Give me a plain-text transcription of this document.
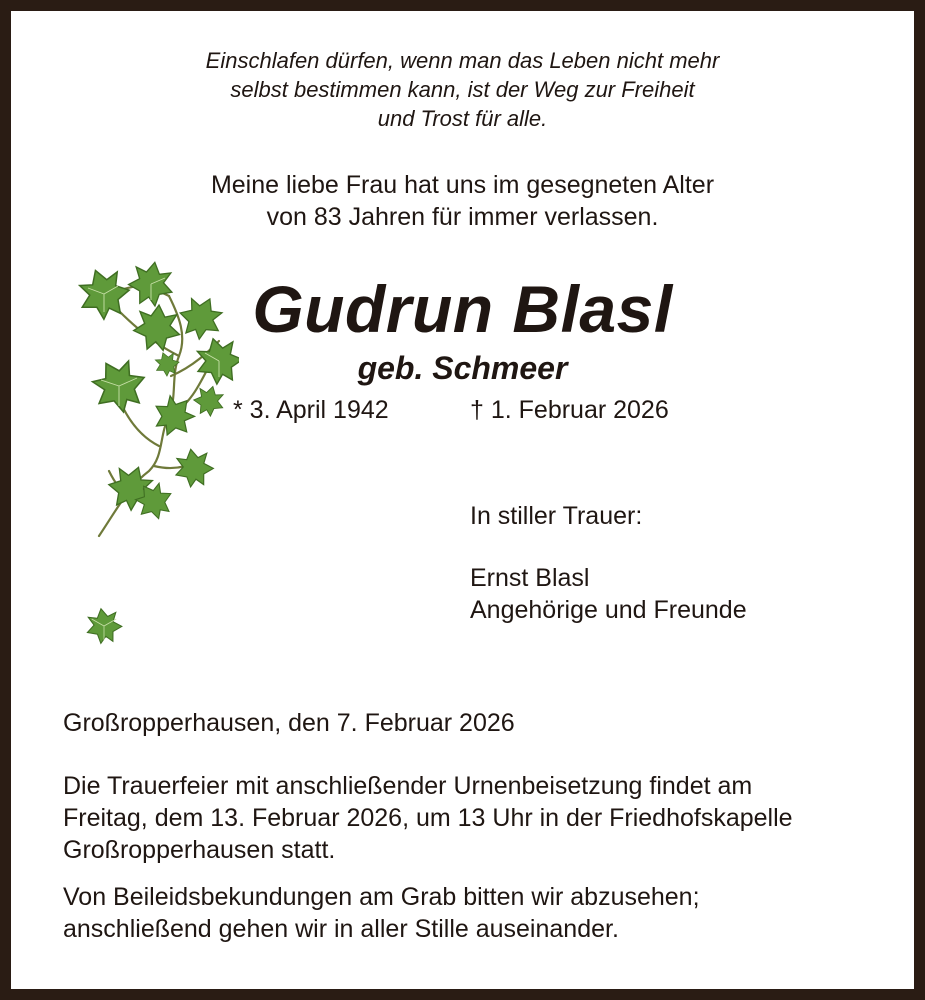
Einschlafen dürfen, wenn man das Leben nicht mehr
selbst bestimmen kann, ist der Weg zur Freiheit
und Trost für alle.
Meine liebe Frau hat uns im gesegneten Alter
von 83 Jahren für immer verlassen.
Gudrun Blasl
geb. Schmeer
* 3. April 1942	† 1. Februar 2026
In stiller Trauer:
Ernst Blasl
Angehörige und Freunde
Großropperhausen, den 7. Februar 2026
Die Trauerfeier mit anschließender Urnenbeisetzung findet am
Freitag, dem 13. Februar 2026, um 13 Uhr in der Friedhofskapelle
Großropperhausen statt.
Von Beileidsbekundungen am Grab bitten wir abzusehen;
anschließend gehen wir in aller Stille auseinander.
